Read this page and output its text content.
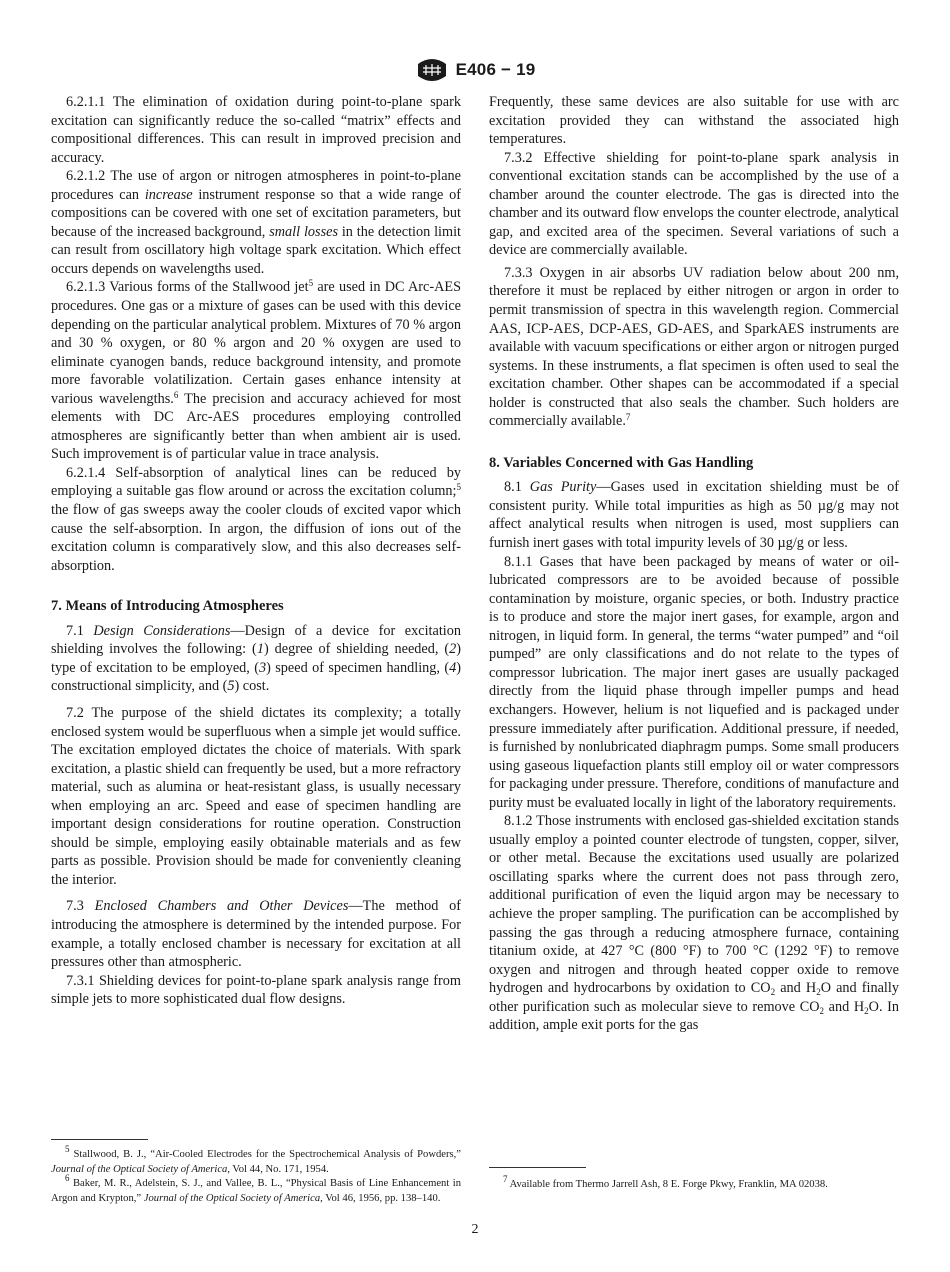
E406 − 19

6.2.1.1 The elimination of oxidation during point-to-plane spark excitation can significantly reduce the so-called “matrix” effects and compositional differences. This can result in improved precision and accuracy.

6.2.1.2 The use of argon or nitrogen atmospheres in point-to-plane procedures can increase instrument response so that a wide range of compositions can be covered with one set of excitation parameters, but because of the increased background, small losses in the detection limit can result from oscillatory high voltage spark excitation. Which effect occurs depends on wavelengths used.

6.2.1.3 Various forms of the Stallwood jet$^5$ are used in DC Arc-AES procedures. One gas or a mixture of gases can be used with this device depending on the particular analytical problem. Mixtures of 70 % argon and 30 % oxygen, or 80 % argon and 20 % oxygen are used to eliminate cyanogen bands, reduce background intensity, and promote more favorable volatilization. Certain gases enhance intensity at various wavelengths.$^6$ The precision and accuracy achieved for most elements with DC Arc-AES procedures employing controlled atmospheres are significantly better than when ambient air is used. Such improvement is of particular value in trace analysis.

6.2.1.4 Self-absorption of analytical lines can be reduced by employing a suitable gas flow around or across the excitation column;$^5$ the flow of gas sweeps away the cooler clouds of excited vapor which cause the self-absorption. In argon, the diffusion of ions out of the excitation column is comparatively slow, and this also decreases self-absorption.

7. Means of Introducing Atmospheres

7.1 Design Considerations—Design of a device for excitation shielding involves the following: (1) degree of shielding needed, (2) type of excitation to be employed, (3) speed of specimen handling, (4) constructional simplicity, and (5) cost.

7.2 The purpose of the shield dictates its complexity; a totally enclosed system would be superfluous when a simple jet would suffice. The excitation employed dictates the choice of materials. With spark excitation, a plastic shield can frequently be used, but a more refractory material, such as alumina or heat-resistant glass, is usually necessary when employing an arc. Speed and ease of specimen handling are important design considerations for routine operation. Construction should be simple, employing easily obtainable materials and as few parts as possible. Provision should be made for conveniently cleaning the interior.

7.3 Enclosed Chambers and Other Devices—The method of introducing the atmosphere is determined by the intended purpose. For example, a totally enclosed chamber is necessary for excitation at all pressures other than atmospheric.

7.3.1 Shielding devices for point-to-plane spark analysis range from simple jets to more sophisticated dual flow designs.

Frequently, these same devices are also suitable for use with arc excitation provided they can withstand the associated high temperatures.

7.3.2 Effective shielding for point-to-plane spark analysis in conventional excitation stands can be accomplished by the use of a chamber around the counter electrode. The gas is directed into the chamber and its outward flow envelops the counter electrode, analytical gap, and excited area of the specimen. Several variations of such a device are commercially available.

7.3.3 Oxygen in air absorbs UV radiation below about 200 nm, therefore it must be replaced by either nitrogen or argon in order to permit transmission of spectra in this wavelength region. Commercial AAS, ICP-AES, DCP-AES, GD-AES, and SparkAES instruments are available with vacuum specifications or either argon or nitrogen purged systems. In these instruments, a flat specimen is often used to seal the excitation chamber. Other shapes can be accommodated if a special holder is constructed that also seals the chamber. Such holders are commercially available.$^7$

8. Variables Concerned with Gas Handling

8.1 Gas Purity—Gases used in excitation shielding must be of consistent purity. While total impurities as high as 50 µg/g may not affect analytical results when nitrogen is used, most suppliers can furnish inert gases with total impurity levels of 30 µg/g or less.

8.1.1 Gases that have been packaged by means of water or oil-lubricated compressors are to be avoided because of possible contamination by moisture, organic species, or both. Industry practice is to produce and store the major inert gases, for example, argon and nitrogen, in liquid form. In general, the terms “water pumped” and “oil pumped” are only classifications and do not relate to the types of compressor lubrication. The major inert gases are usually packaged directly from the liquid phase through impeller pumps and head exchangers. However, helium is not liquefied and is packaged under pressure immediately after purification. Additional pressure, if needed, is furnished by nonlubricated diaphragm pumps. Some small producers using gaseous liquefaction plants still employ oil or water compressors for packaging under pressure. Therefore, conditions of manufacture and purity must be evaluated locally in light of the laboratory requirements.

8.1.2 Those instruments with enclosed gas-shielded excitation stands usually employ a pointed counter electrode of tungsten, copper, silver, or other metal. Because the excitations used usually are polarized oscillating sparks where the current does not pass through zero, additional purification of even the liquid argon may be necessary to achieve the proper sampling. The purification can be accomplished by passing the gas through a reducing atmosphere furnace, containing titanium oxide, at 427 °C (800 °F) to 700 °C (1292 °F) to remove oxygen and nitrogen and through heated copper oxide to remove hydrogen and hydrocarbons by oxidation to $CO_2$ and $H_2O$ and finally other purification such as molecular sieve to remove $CO_2$ and $H_2O$. In addition, ample exit ports for the gas

$^5$ Stallwood, B. J., “Air-Cooled Electrodes for the Spectrochemical Analysis of Powders,” Journal of the Optical Society of America, Vol 44, No. 171, 1954.

$^6$ Baker, M. R., Adelstein, S. J., and Vallee, B. L., “Physical Basis of Line Enhancement in Argon and Krypton,” Journal of the Optical Society of America, Vol 46, 1956, pp. 138–140.

$^7$ Available from Thermo Jarrell Ash, 8 E. Forge Pkwy, Franklin, MA 02038.

2
